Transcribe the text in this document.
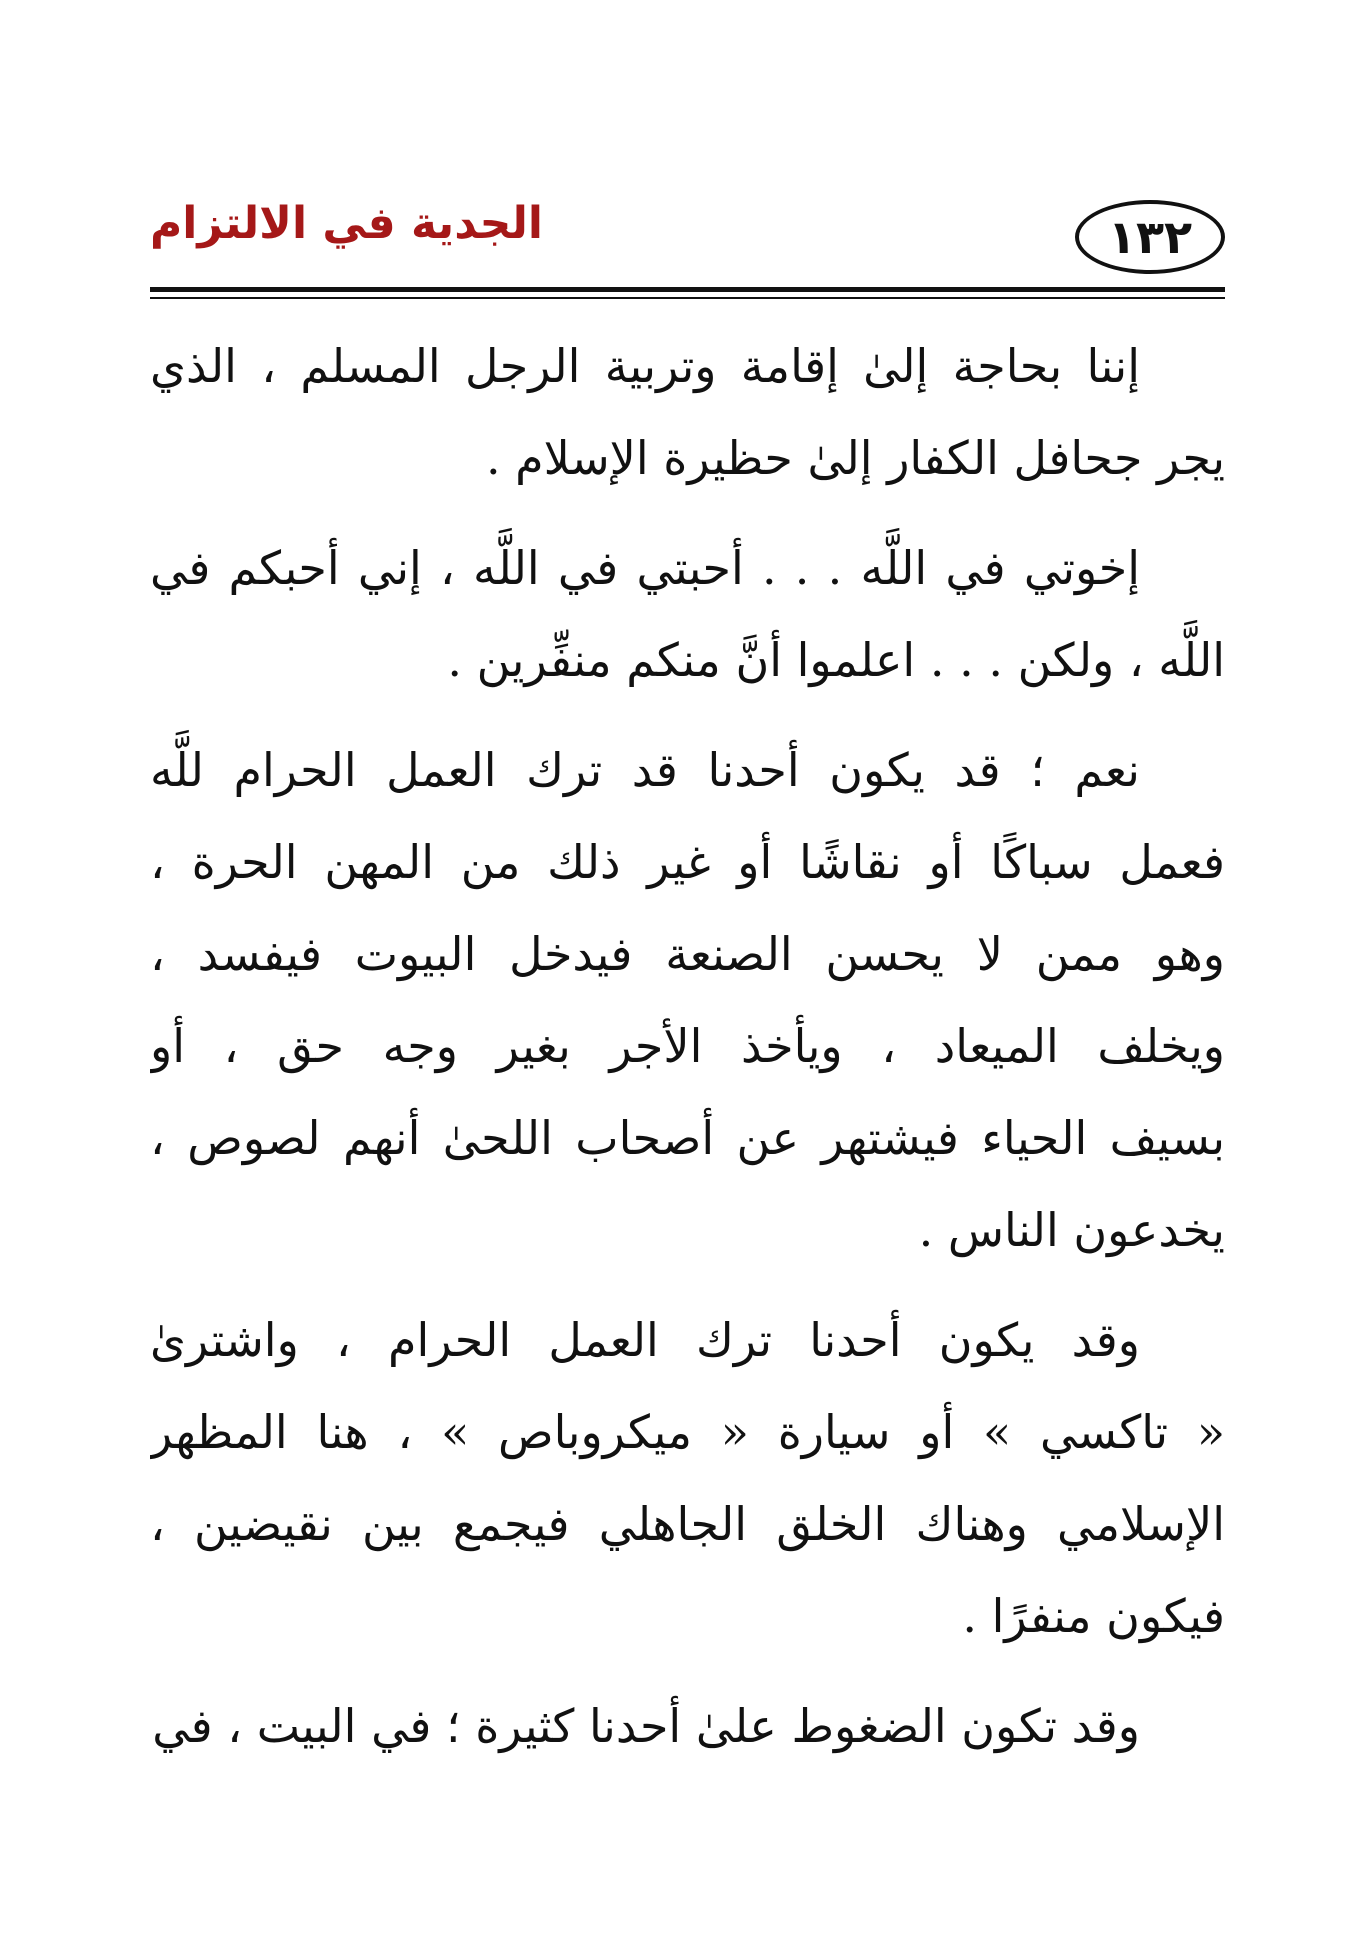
الجدية في الالتزام	١٣٢
إننا بحاجة إلىٰ إقامة وتربية الرجل المسلم ، الذي
يجر جحافل الكفار إلىٰ حظيرة الإسلام .
إخوتي في اللَّه . . . أحبتي في اللَّه ، إني أحبكم في
اللَّه ، ولكن . . . اعلموا أنَّ منكم منفِّرين .
نعم ؛ قد يكون أحدنا قد ترك العمل الحرام للَّه
فعمل سباكًا أو نقاشًا أو غير ذلك من المهن الحرة ،
وهو ممن لا يحسن الصنعة فيدخل البيوت فيفسد ،
ويخلف الميعاد ، ويأخذ الأجر بغير وجه حق ، أو
بسيف الحياء فيشتهر عن أصحاب اللحىٰ أنهم لصوص ،
يخدعون الناس .
وقد يكون أحدنا ترك العمل الحرام ، واشترىٰ
« تاكسي » أو سيارة « ميكروباص » ، هنا المظهر
الإسلامي وهناك الخلق الجاهلي فيجمع بين نقيضين ،
فيكون منفرًا .
وقد تكون الضغوط علىٰ أحدنا كثيرة ؛ في البيت ، في
